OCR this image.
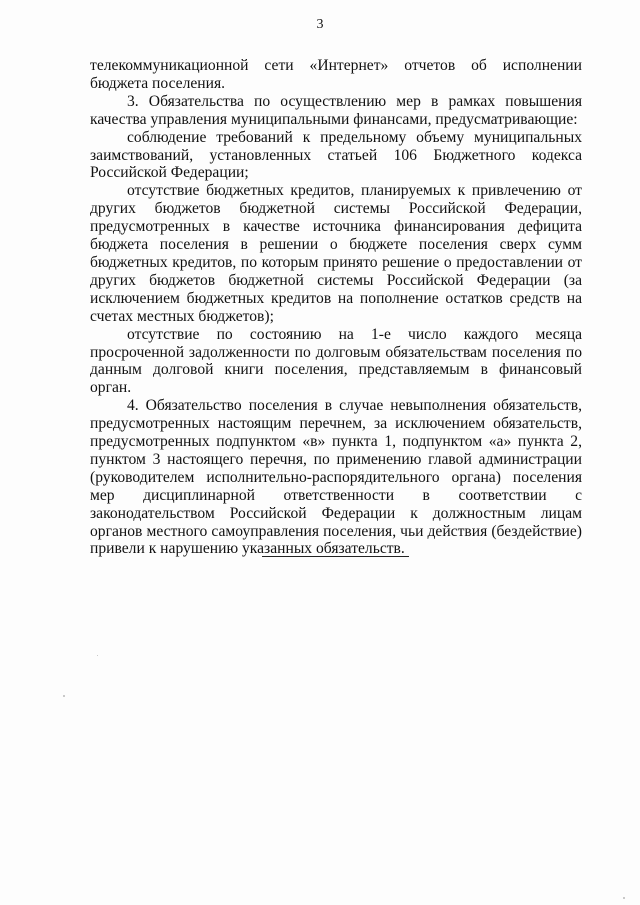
3

телекоммуникационной сети «Интернет» отчетов об исполнении бюджета поселения.

3. Обязательства по осуществлению мер в рамках повышения качества управления муниципальными финансами, предусматривающие:

соблюдение требований к предельному объему муниципальных заимствований, установленных статьей 106 Бюджетного кодекса Российской Федерации;

отсутствие бюджетных кредитов, планируемых к привлечению от других бюджетов бюджетной системы Российской Федерации, предусмотренных в качестве источника финансирования дефицита бюджета поселения в решении о бюджете поселения сверх сумм бюджетных кредитов, по которым принято решение о предоставлении от других бюджетов бюджетной системы Российской Федерации (за исключением бюджетных кредитов на пополнение остатков средств на счетах местных бюджетов);

отсутствие по состоянию на 1-е число каждого месяца просроченной задолженности по долговым обязательствам поселения по данным долговой книги поселения, представляемым в финансовый орган.

4. Обязательство поселения в случае невыполнения обязательств, предусмотренных настоящим перечнем, за исключением обязательств, предусмотренных подпунктом «в» пункта 1, подпунктом «а» пункта 2, пунктом 3 настоящего перечня, по применению главой администрации (руководителем исполнительно-распорядительного органа) поселения мер дисциплинарной ответственности в соответствии с законодательством Российской Федерации к должностным лицам органов местного самоуправления поселения, чьи действия (бездействие) привели к нарушению указанных обязательств.
